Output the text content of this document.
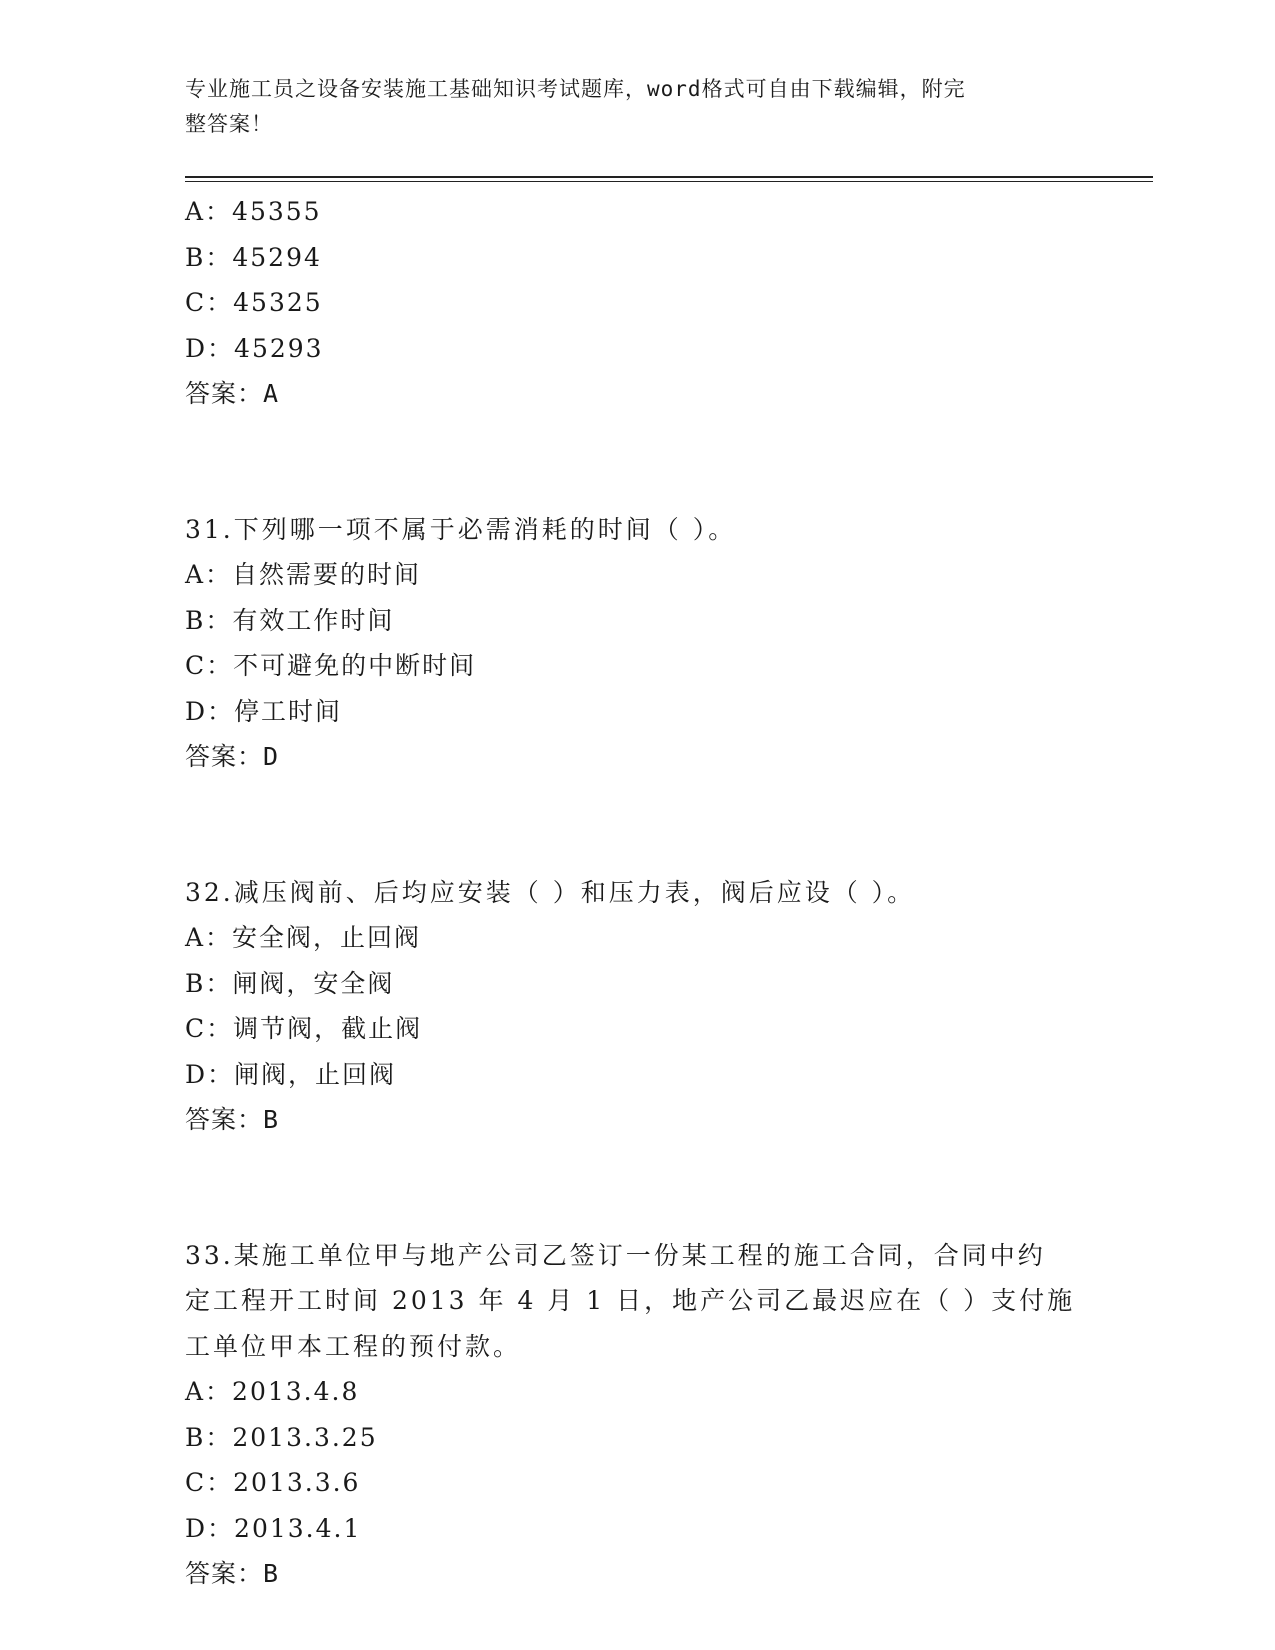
专业施工员之设备安装施工基础知识考试题库，word格式可自由下载编辑，附完
整答案！
A：45355
B：45294
C：45325
D：45293
答案：A
31.下列哪一项不属于必需消耗的时间（ ）。
A：自然需要的时间
B：有效工作时间
C：不可避免的中断时间
D：停工时间
答案：D
32.减压阀前、后均应安装（ ）和压力表，阀后应设（ ）。
A：安全阀，止回阀
B：闸阀，安全阀
C：调节阀，截止阀
D：闸阀，止回阀
答案：B
33.某施工单位甲与地产公司乙签订一份某工程的施工合同，合同中约
定工程开工时间 2013 年 4 月 1 日，地产公司乙最迟应在（ ）支付施
工单位甲本工程的预付款。
A：2013.4.8
B：2013.3.25
C：2013.3.6
D：2013.4.1
答案：B
